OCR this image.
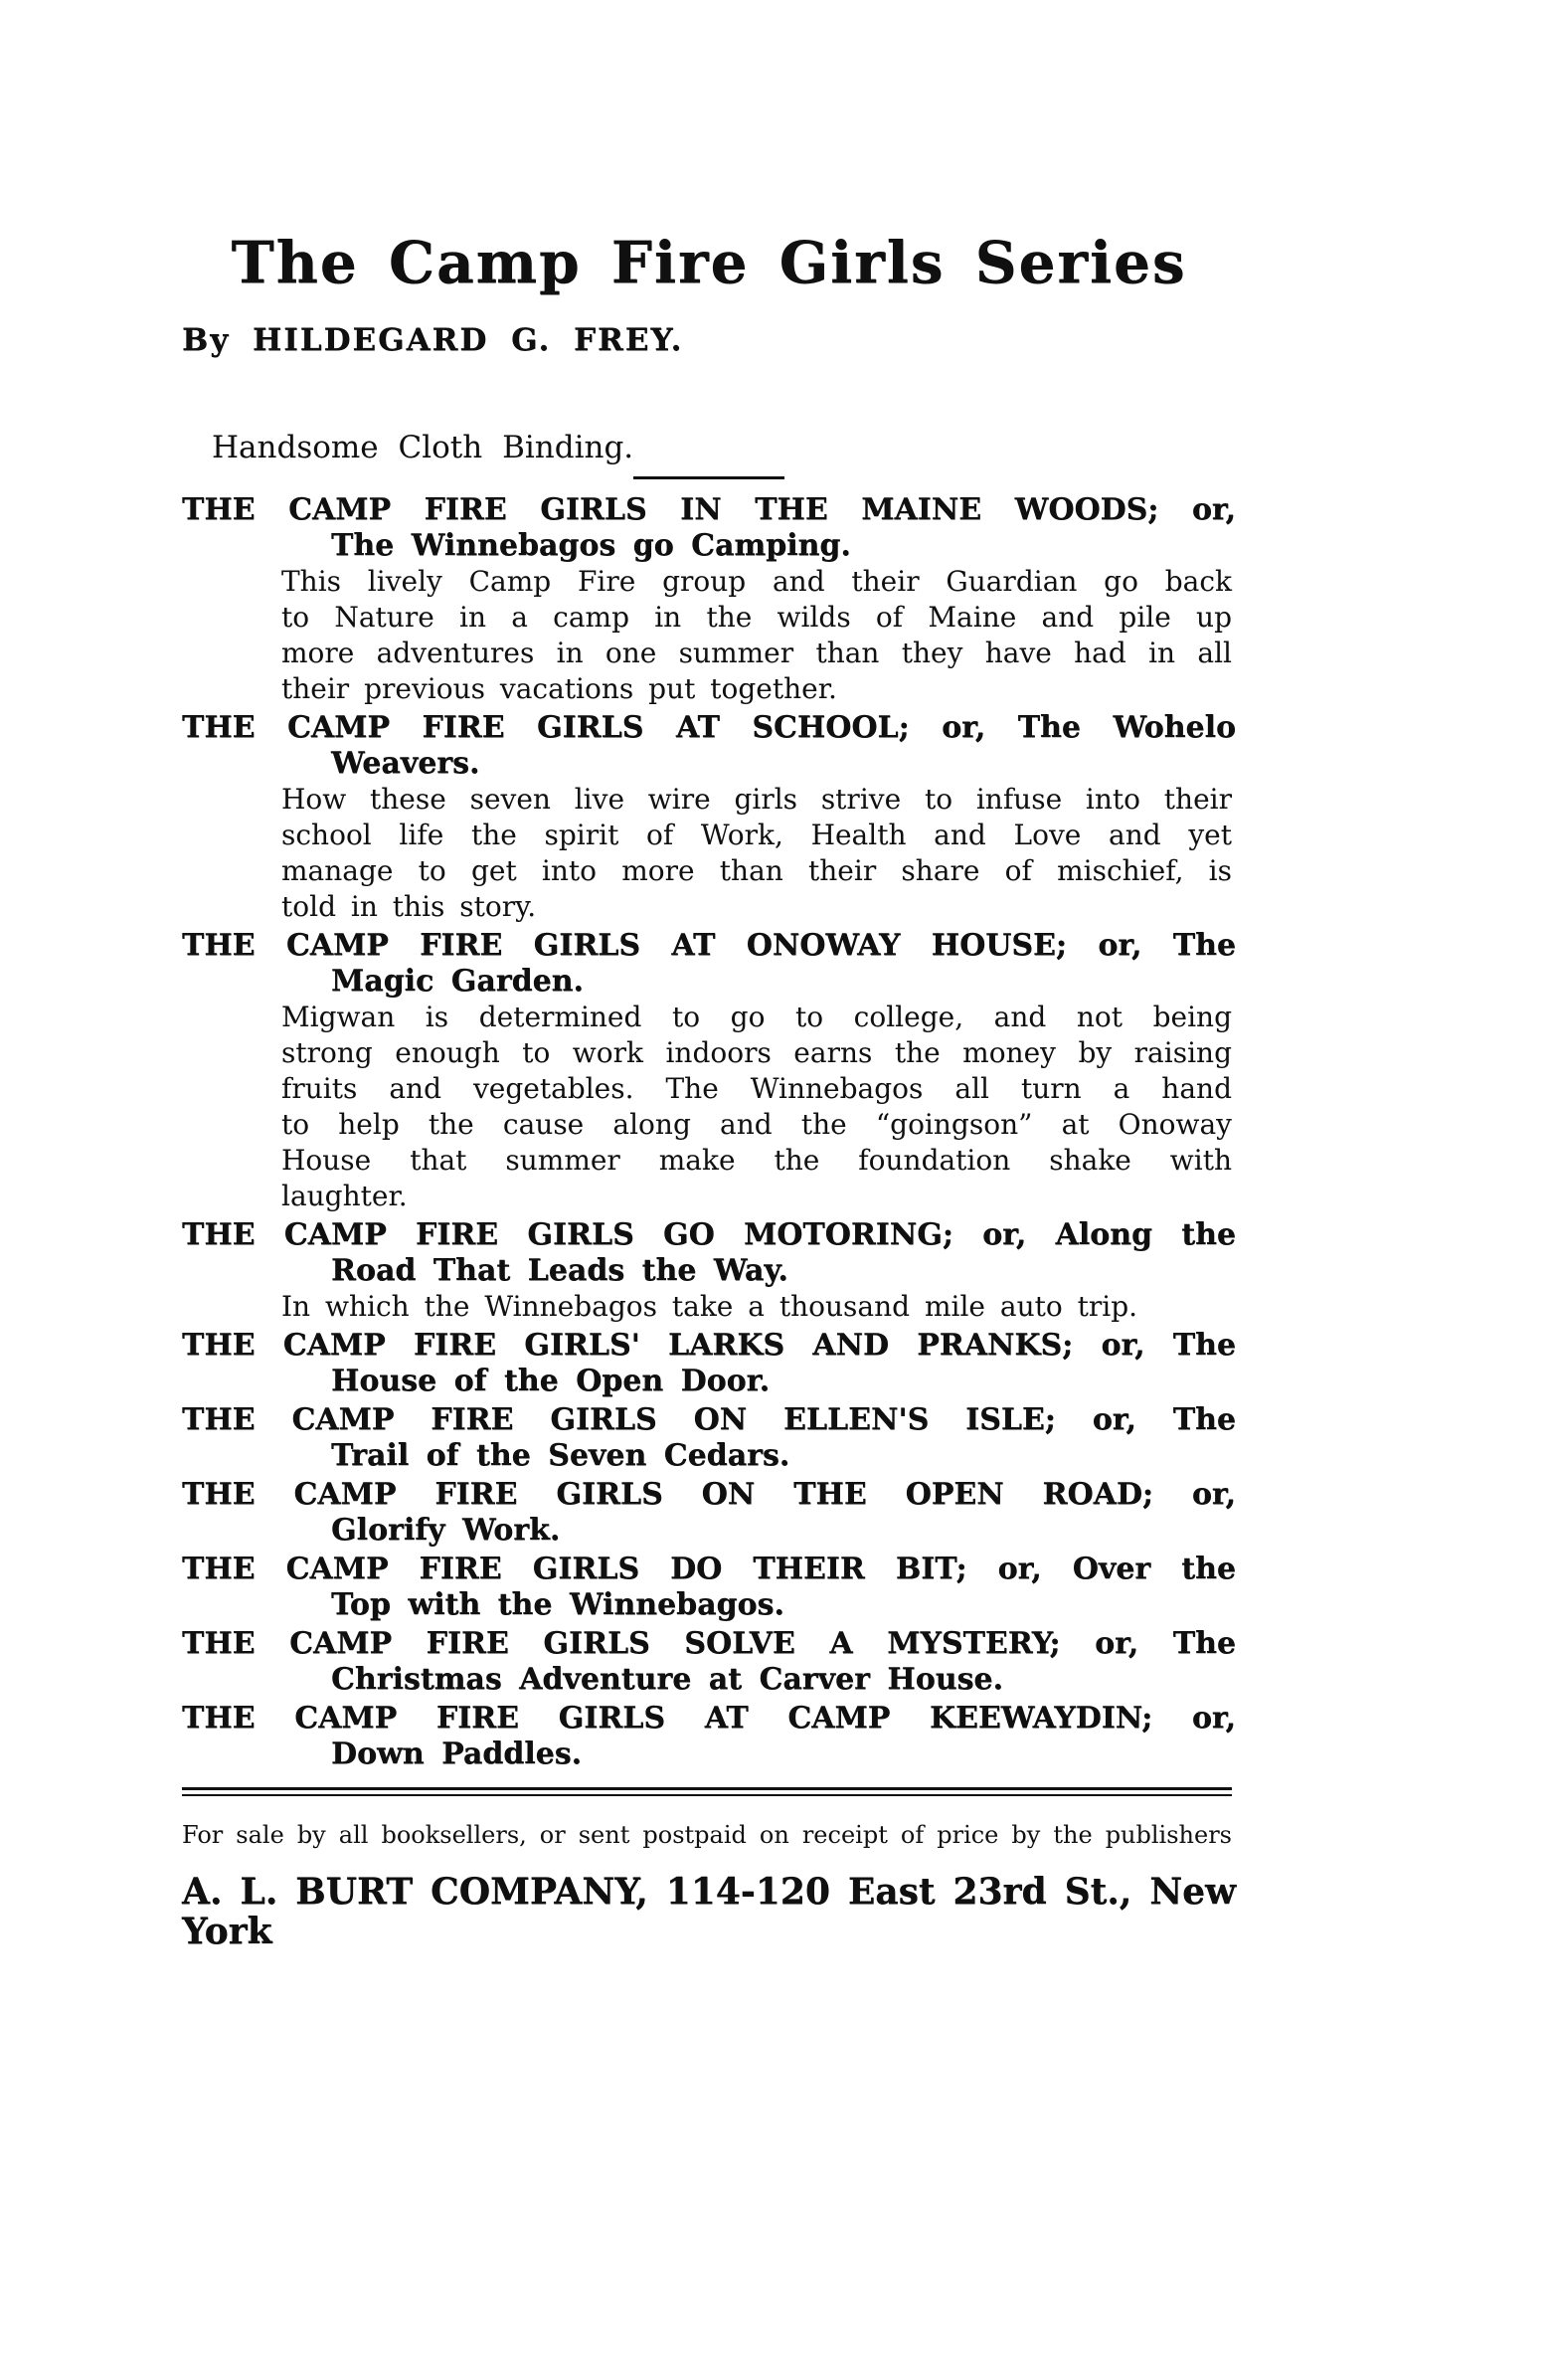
The Camp Fire Girls Series
By HILDEGARD G. FREY.
Handsome Cloth Binding.
THE CAMP FIRE GIRLS IN THE MAINE WOODS; or,
The Winnebagos go Camping.
This lively Camp Fire group and their Guardian go back
to Nature in a camp in the wilds of Maine and pile up
more adventures in one summer than they have had in all
their previous vacations put together.
THE CAMP FIRE GIRLS AT SCHOOL; or, The Wohelo
Weavers.
How these seven live wire girls strive to infuse into their
school life the spirit of Work, Health and Love and yet
manage to get into more than their share of mischief, is
told in this story.
THE CAMP FIRE GIRLS AT ONOWAY HOUSE; or, The
Magic Garden.
Migwan is determined to go to college, and not being
strong enough to work indoors earns the money by raising
fruits and vegetables. The Winnebagos all turn a hand
to help the cause along and the “goingson” at Onoway
House that summer make the foundation shake with
laughter.
THE CAMP FIRE GIRLS GO MOTORING; or, Along the
Road That Leads the Way.
In which the Winnebagos take a thousand mile auto trip.
THE CAMP FIRE GIRLS' LARKS AND PRANKS; or, The
House of the Open Door.
THE CAMP FIRE GIRLS ON ELLEN'S ISLE; or, The
Trail of the Seven Cedars.
THE CAMP FIRE GIRLS ON THE OPEN ROAD; or,
Glorify Work.
THE CAMP FIRE GIRLS DO THEIR BIT; or, Over the
Top with the Winnebagos.
THE CAMP FIRE GIRLS SOLVE A MYSTERY; or, The
Christmas Adventure at Carver House.
THE CAMP FIRE GIRLS AT CAMP KEEWAYDIN; or,
Down Paddles.
For sale by all booksellers, or sent postpaid on receipt of price by the publishers
A. L. BURT COMPANY, 114-120 East 23rd St., New York
